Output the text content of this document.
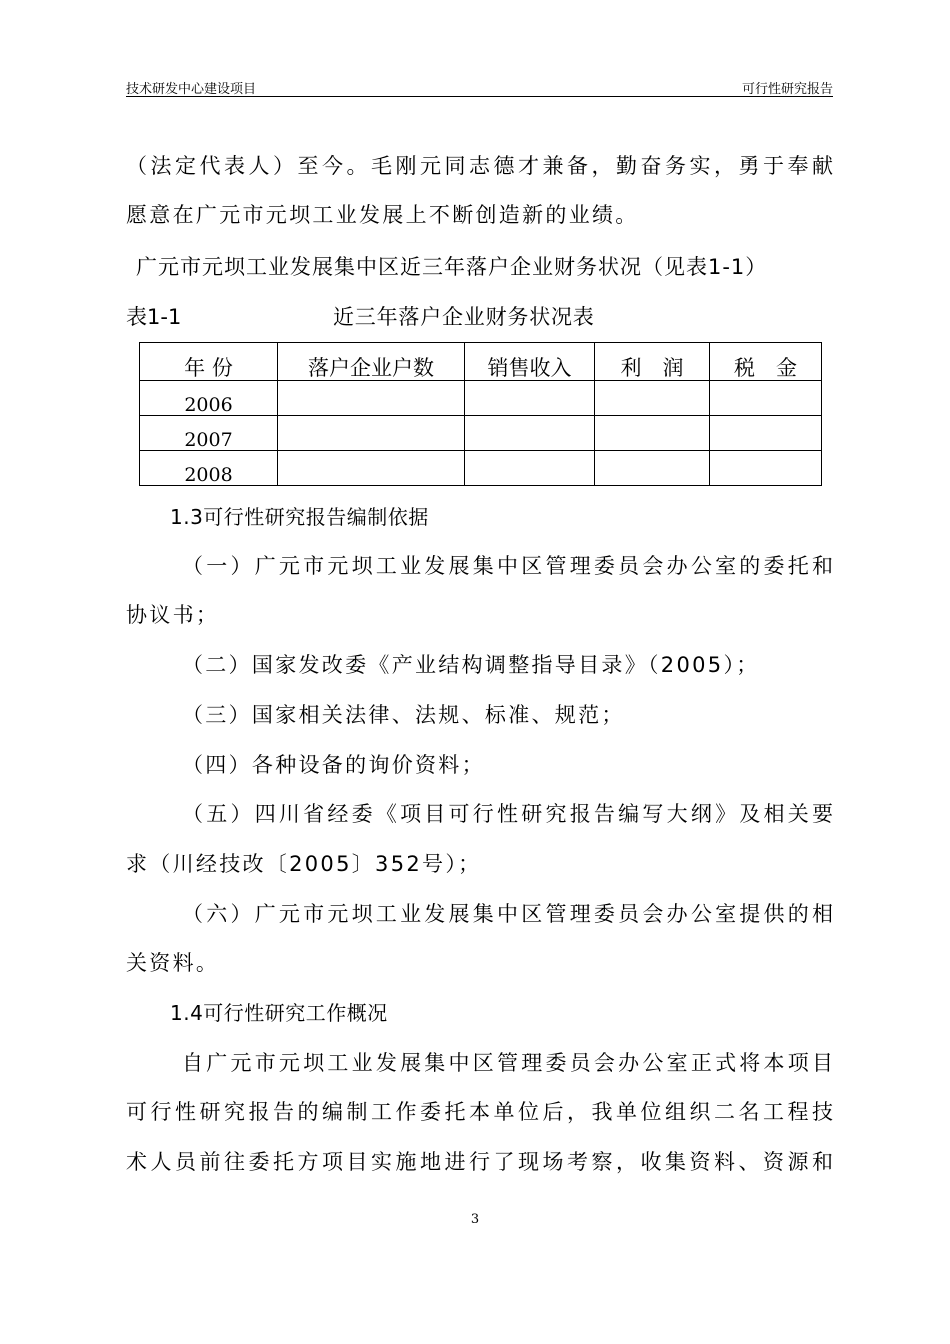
技术研发中心建设项目	可行性研究报告
（法定代表人）至今。毛刚元同志德才兼备，勤奋务实，勇于奉献
愿意在广元市元坝工业发展上不断创造新的业绩。
广元市元坝工业发展集中区近三年落户企业财务状况（见表1-1）
表1-1	近三年落户企业财务状况表
年 份	落户企业户数	销售收入	利　润	税　金
2006				
2007				
2008				
1.3可行性研究报告编制依据
（一）广元市元坝工业发展集中区管理委员会办公室的委托和
协议书；
（二）国家发改委《产业结构调整指导目录》（2005）；
（三）国家相关法律、法规、标准、规范；
（四）各种设备的询价资料；
（五）四川省经委《项目可行性研究报告编写大纲》及相关要
求（川经技改〔2005〕352号）；
（六）广元市元坝工业发展集中区管理委员会办公室提供的相
关资料。
1.4可行性研究工作概况
自广元市元坝工业发展集中区管理委员会办公室正式将本项目
可行性研究报告的编制工作委托本单位后，我单位组织二名工程技
术人员前往委托方项目实施地进行了现场考察，收集资料、资源和
3
